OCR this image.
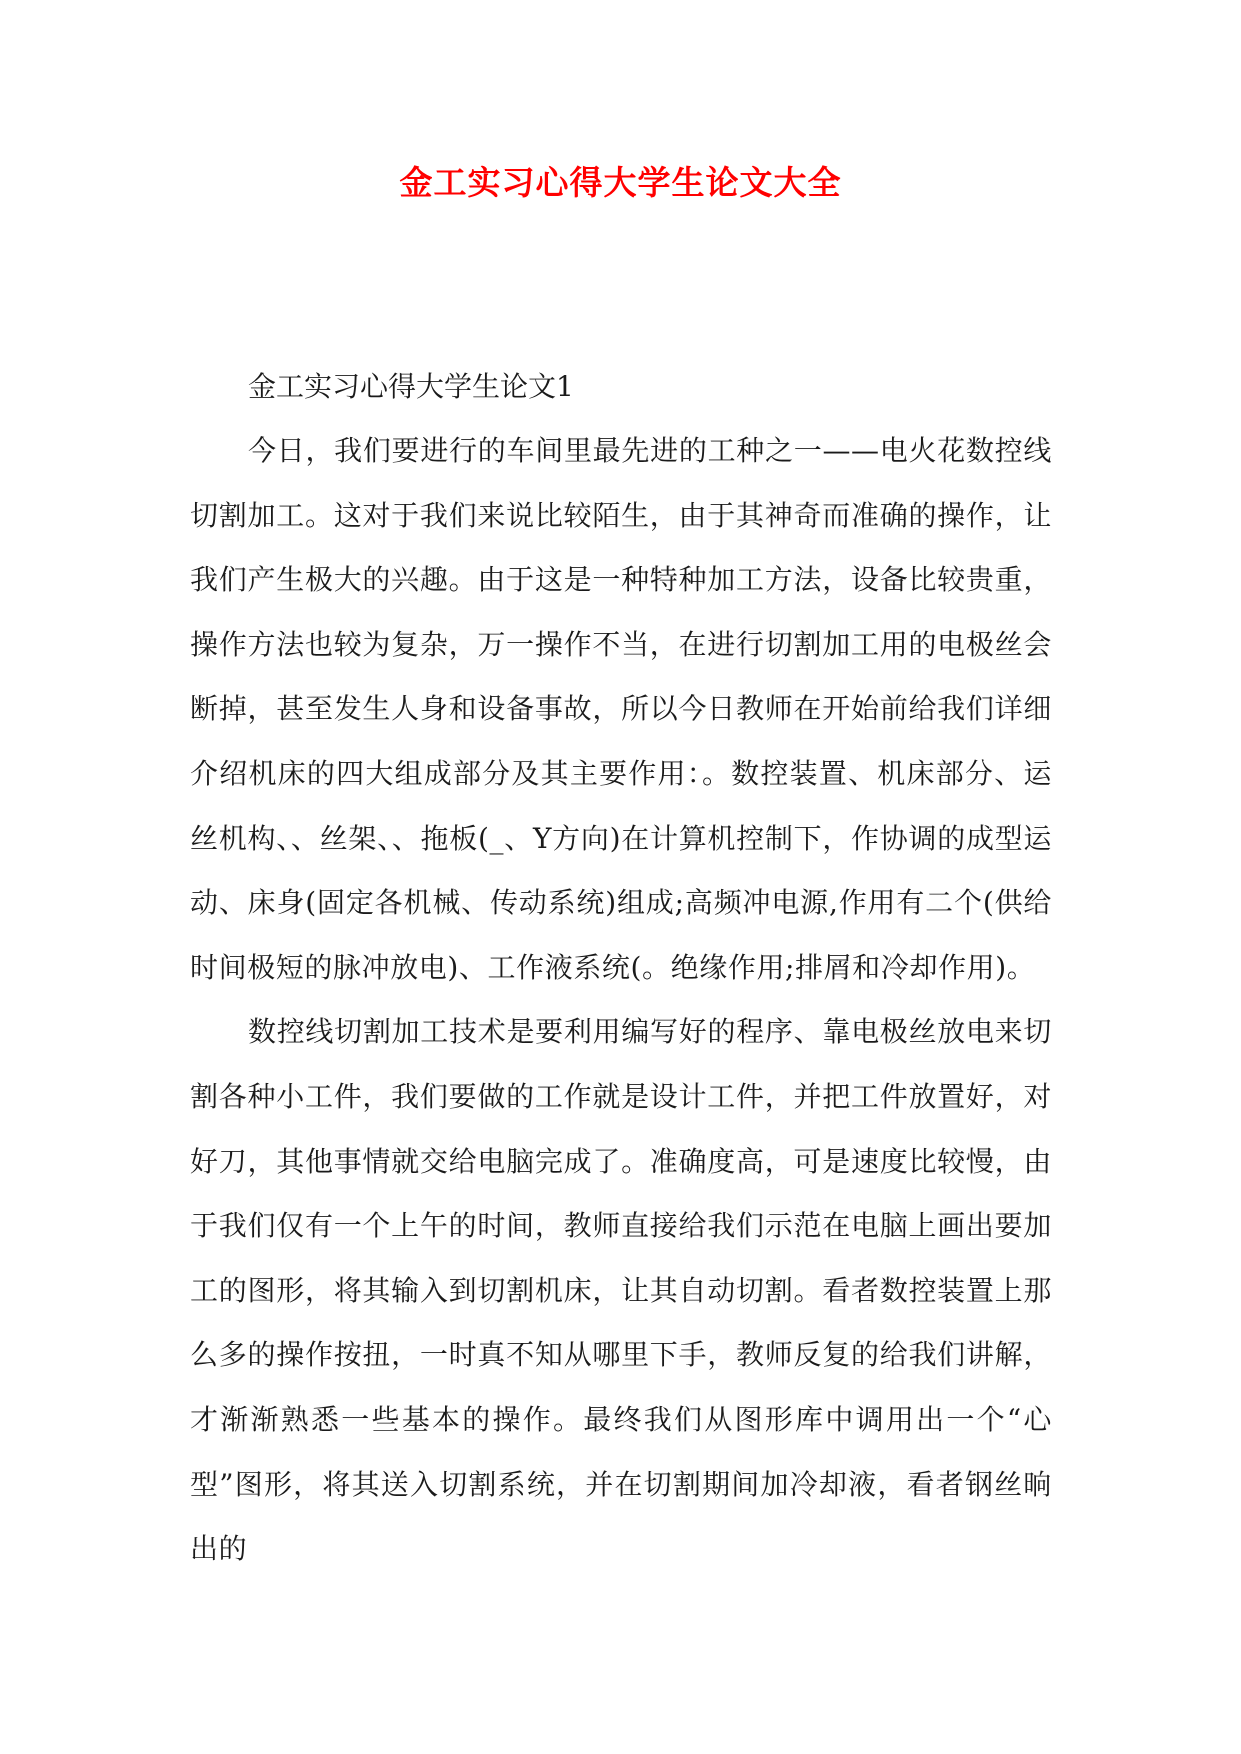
金工实习心得大学生论文大全

金工实习心得大学生论文1

今日，我们要进行的车间里最先进的工种之一——电火花数控线切割加工。这对于我们来说比较陌生，由于其神奇而准确的操作，让我们产生极大的兴趣。由于这是一种特种加工方法，设备比较贵重，操作方法也较为复杂，万一操作不当，在进行切割加工用的电极丝会断掉，甚至发生人身和设备事故，所以今日教师在开始前给我们详细介绍机床的四大组成部分及其主要作用：。数控装置、机床部分、运丝机构、、丝架、、拖板(_、Y方向)在计算机控制下，作协调的成型运动、床身(固定各机械、传动系统)组成;高频冲电源,作用有二个(供给时间极短的脉冲放电)、工作液系统(。绝缘作用;排屑和冷却作用)。

数控线切割加工技术是要利用编写好的程序、靠电极丝放电来切割各种小工件，我们要做的工作就是设计工件，并把工件放置好，对好刀，其他事情就交给电脑完成了。准确度高，可是速度比较慢，由于我们仅有一个上午的时间，教师直接给我们示范在电脑上画出要加工的图形，将其输入到切割机床，让其自动切割。看者数控装置上那么多的操作按扭，一时真不知从哪里下手，教师反复的给我们讲解，才渐渐熟悉一些基本的操作。最终我们从图形库中调用出一个“心型”图形，将其送入切割系统，并在切割期间加冷却液，看者钢丝晌出的
